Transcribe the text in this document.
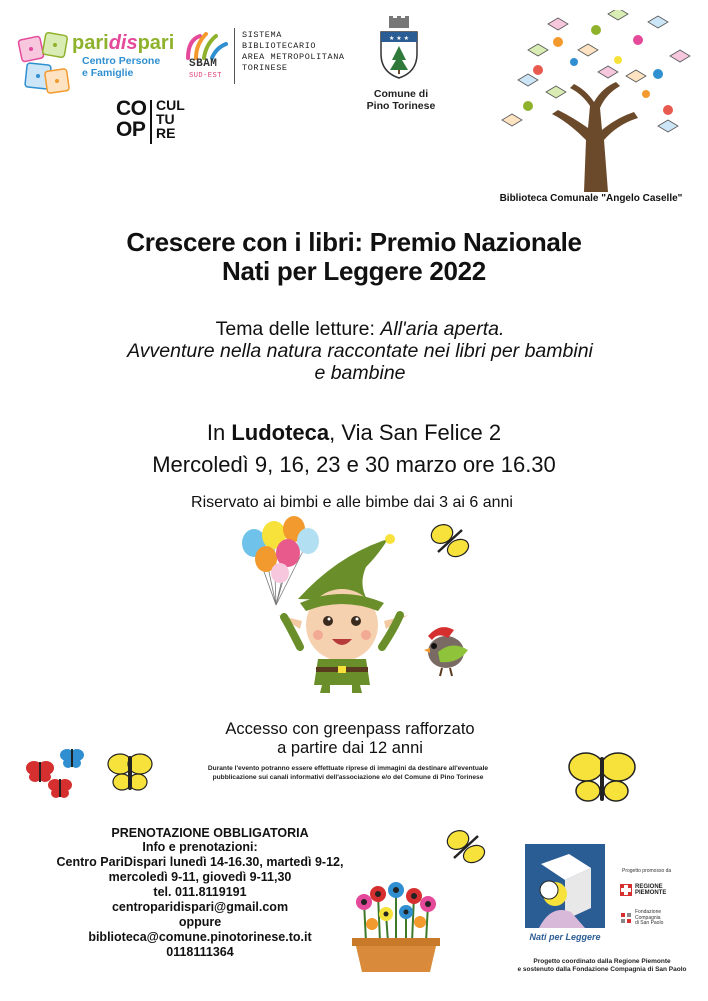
paridispari
Centro Persone
e Famiglie
SBAM
SUD-EST
SISTEMA
BIBLIOTECARIO
AREA METROPOLITANA
TORINESE
★ ★ ★
Comune di
Pino Torinese
CO
OP
CUL
TU
RE
Biblioteca Comunale "Angelo Caselle"
Crescere con i libri: Premio Nazionale
Nati per Leggere 2022
Tema delle letture: All'aria aperta.
Avventure nella natura raccontate nei libri per bambini
e bambine
In Ludoteca, Via San Felice 2
Mercoledì 9, 16, 23 e 30 marzo ore 16.30
Riservato ai bimbi e alle bimbe dai 3 ai 6 anni
Accesso con greenpass rafforzato
a partire dai 12 anni
Durante l'evento potranno essere effettuate riprese di immagini da destinare all'eventuale
pubblicazione sui canali informativi dell'associazione e/o del Comune di Pino Torinese
PRENOTAZIONE OBBLIGATORIA
Info e prenotazioni:
Centro PariDispari lunedì 14-16.30, martedì 9-12,
mercoledì 9-11, giovedì 9-11,30
tel. 011.8119191
centroparidispari@gmail.com
oppure
biblioteca@comune.pinotorinese.to.it
0118111364
Nati per Leggere
Progetto promosso da
REGIONE
PIEMONTE
Fondazione
Compagnia
di San Paolo
Progetto coordinato dalla Regione Piemonte
e sostenuto dalla Fondazione Compagnia di San Paolo
